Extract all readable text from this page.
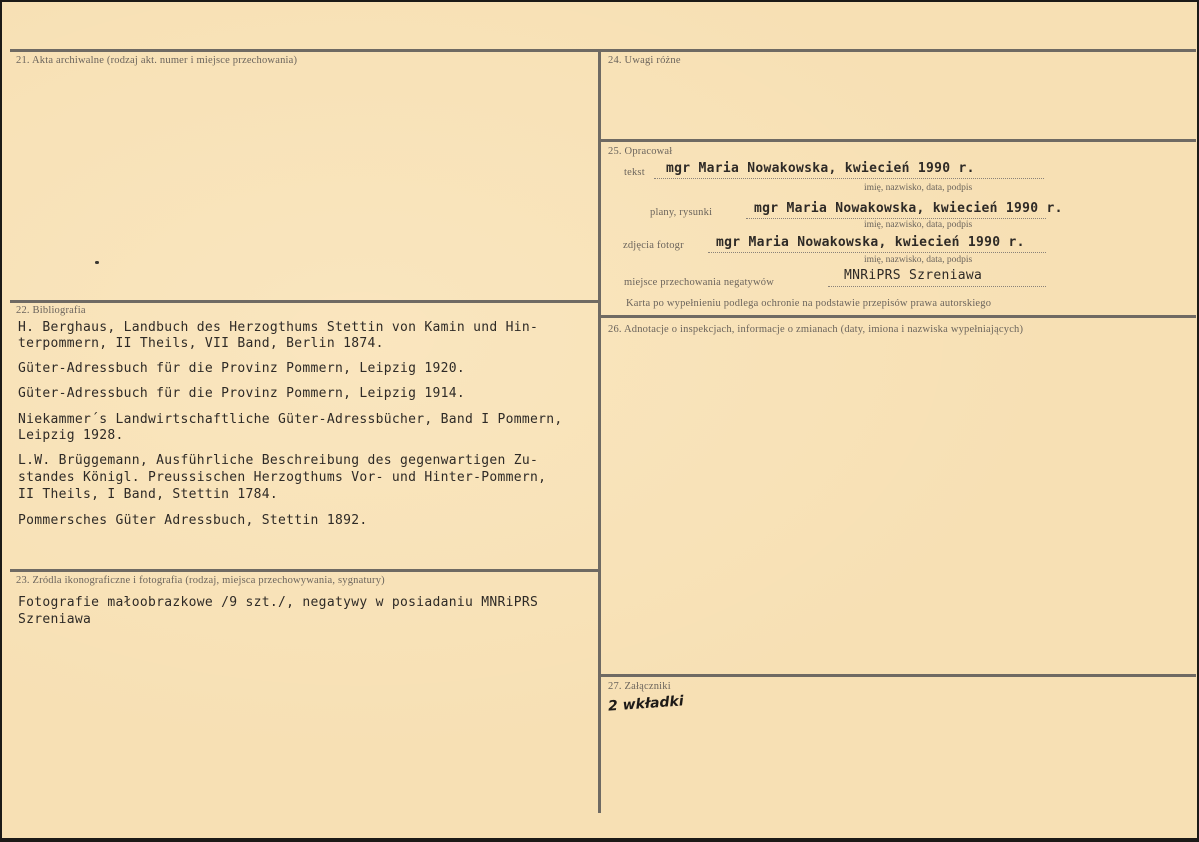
21. Akta archiwalne (rodzaj akt. numer i miejsce przechowania)
22. Bibliografia
H. Berghaus, Landbuch des Herzogthums Stettin von Kamin und Hin-
terpommern, II Theils, VII Band, Berlin 1874.
Güter-Adressbuch für die Provinz Pommern, Leipzig 1920.
Güter-Adressbuch für die Provinz Pommern, Leipzig 1914.
Niekammer´s Landwirtschaftliche Güter-Adressbücher, Band I Pommern,
Leipzig 1928.
L.W. Brüggemann, Ausführliche Beschreibung des gegenwartigen Zu-
standes Königl. Preussischen Herzogthums Vor- und Hinter-Pommern,
II Theils, I Band, Stettin 1784.
Pommersches Güter Adressbuch, Stettin 1892.
23. Zródla ikonograficzne i fotografia (rodzaj, miejsca przechowywania, sygnatury)
Fotografie małoobrazkowe /9 szt./, negatywy w posiadaniu MNRiPRS
Szreniawa
24. Uwagi różne
25. Opracował
tekst mgr Maria Nowakowska, kwiecień 1990 r.
imię, nazwisko, data, podpis
plany, rysunki	mgr Maria Nowakowska, kwiecień 1990 r.
imię, nazwisko, data, podpis
zdjęcia fotogr mgr Maria Nowakowska, kwiecień 1990 r.
imię, nazwisko, data, podpis
miejsce przechowania negatywów	MNRiPRS Szreniawa
Karta po wypełnieniu podlega ochronie na podstawie przepisów prawa autorskiego
26. Adnotacje o inspekcjach, informacje o zmianach (daty, imiona i nazwiska wypełniających)
27. Załączniki
2 wkładki
